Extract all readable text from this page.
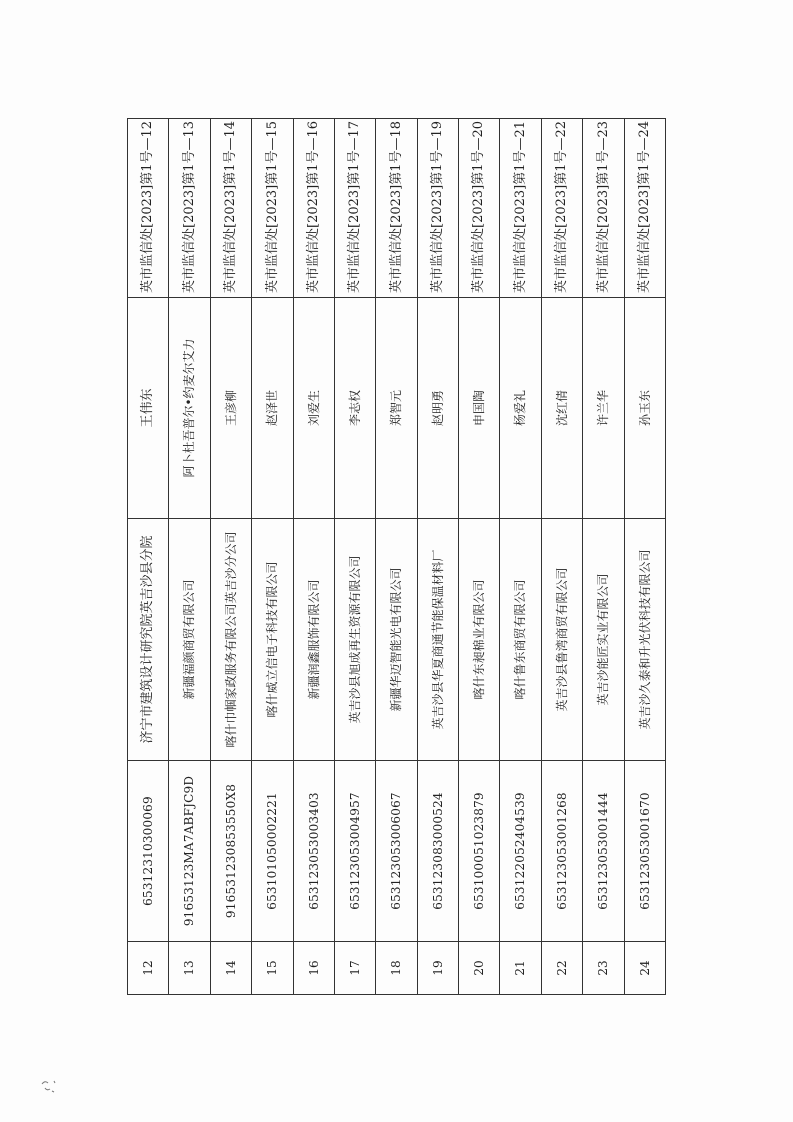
12	65312310300069	济宁市建筑设计研究院英吉沙县分院	王伟东	英市监信处[2023]第1号—12
13	91653123MA7ABFJC9D	新疆福颜商贸有限公司	阿卜杜吾普尔•约麦尔艾力	英市监信处[2023]第1号—13
14	916531230853550X8	喀什巾帼家政服务有限公司英吉沙分公司	王彦柳	英市监信处[2023]第1号—14
15	653101050002221	喀什威立信电子科技有限公司	赵泽世	英市监信处[2023]第1号—15
16	653123053003403	新疆润鑫服饰有限公司	刘爱生	英市监信处[2023]第1号—16
17	653123053004957	英吉沙县旭成再生资源有限公司	李志权	英市监信处[2023]第1号—17
18	653123053006067	新疆华迈智能光电有限公司	郑智元	英市监信处[2023]第1号—18
19	653123083000524	英吉沙县华夏商通节能保温材料厂	赵明勇	英市监信处[2023]第1号—19
20	653100051023879	喀什东昶棉业有限公司	申国陶	英市监信处[2023]第1号—20
21	653122052404539	喀什鲁东商贸有限公司	杨爱礼	英市监信处[2023]第1号—21
22	653123053001268	英吉沙县鲁湾商贸有限公司	沈红倩	英市监信处[2023]第1号—22
23	653123053001444	英吉沙能匠实业有限公司	许兰华	英市监信处[2023]第1号—23
24	653123053001670	英吉沙久泰和升光伏科技有限公司	孙玉东	英市监信处[2023]第1号—24
